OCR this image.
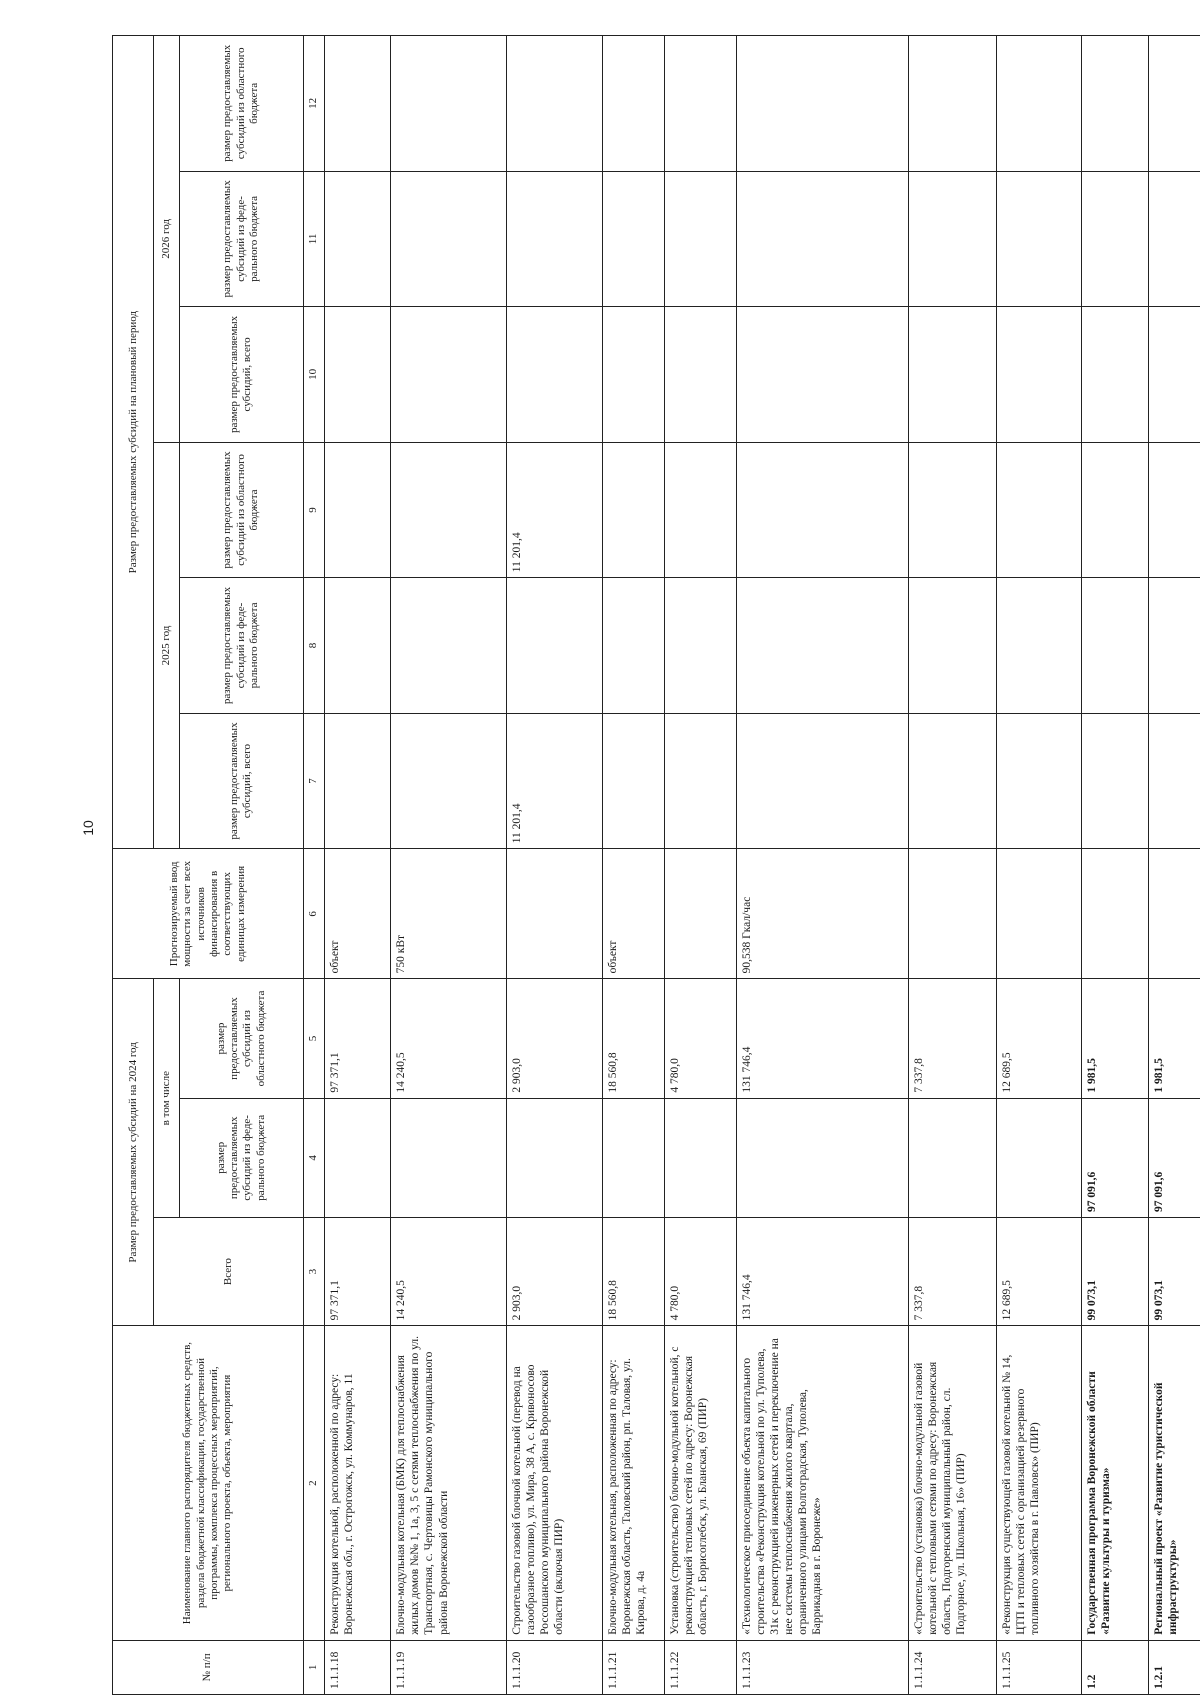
10
№ п/п	Наименование главного распорядителя бюджетных средств, раздела бюджетной классификации, государственной программы, комплекса процессных мероприятий, регионального проекта, объекта, мероприятия	Размер предоставляемых субсидий на 2024 год			Прогнозируемый ввод мощности за счет всех источников финансирования в соответствующих единицах измерения	Размер предоставляемых субсидий на плановый период					
		Всего	в том числе			2025 год			2026 год		
			размер предоставляемых субсидий из феде-рального бюджета	размер предоставляемых субсидий из областного бюджета		размер предоставляемых субсидий, всего	размер предоставляемых субсидий из феде-рального бюджета	размер предоставляемых субсидий из областного бюджета	размер предоставляемых субсидий, всего	размер предоставляемых субсидий из феде-рального бюджета	размер предоставляемых субсидий из областного бюджета
1	2	3	4	5	6	7	8	9	10	11	12
1.1.1.18	Реконструкция котельной, расположенной по адресу: Воронежская обл., г. Острогожск, ул. Коммунаров, 11	97 371,1		97 371,1	объект						
1.1.1.19	Блочно-модульная котельная (БМК) для теплоснабжения жилых домов №№ 1, 1а, 3, 5 с сетями теплоснабжения по ул. Транспортная, с. Чертовицы Рамонского муниципального района Воронежской области	14 240,5		14 240,5	750 кВт						
1.1.1.20	Строительство газовой блочной котельной (перевод на газообразное топливо), ул. Мира, 38 А, с. Кривоносово Россошанского муниципального района Воронежской области (включая ПИР)	2 903,0		2 903,0		11 201,4		11 201,4			
1.1.1.21	Блочно-модульная котельная, расположенная по адресу: Воронежская область, Таловский район, рп. Таловая, ул. Кирова, д. 4а	18 560,8		18 560,8	объект						
1.1.1.22	Установка (строительство) блочно-модульной котельной, с реконструкцией тепловых сетей по адресу: Воронежская область, г. Борисоглебск, ул. Бланская, 69 (ПИР)	4 780,0		4 780,0							
1.1.1.23	«Технологическое присоединение объекта капитального строительства «Реконструкция котельной по ул. Туполева, 31к с реконструкцией инженерных сетей и переключение на нее системы теплоснабжения жилого квартала, ограниченного улицами Волгоградская, Туполева, Баррикадная в г. Воронеже»	131 746,4		131 746,4	90,538 Гкал/час						
1.1.1.24	«Строительство (установка) блочно-модульной газовой котельной с тепловыми сетями по адресу: Воронежская область, Подгоренский муниципальный район, сл. Подгорное, ул. Школьная, 16» (ПИР)	7 337,8		7 337,8							
1.1.1.25	«Реконструкция существующей газовой котельной № 14, ЦТП и тепловых сетей с организацией резервного топливного хозяйства в г. Павловск» (ПИР)	12 689,5		12 689,5							
1.2	Государственная программа Воронежской области «Развитие культуры и туризма»	99 073,1	97 091,6	1 981,5							
1.2.1	Региональный проект «Развитие туристической инфраструктуры»	99 073,1	97 091,6	1 981,5							
